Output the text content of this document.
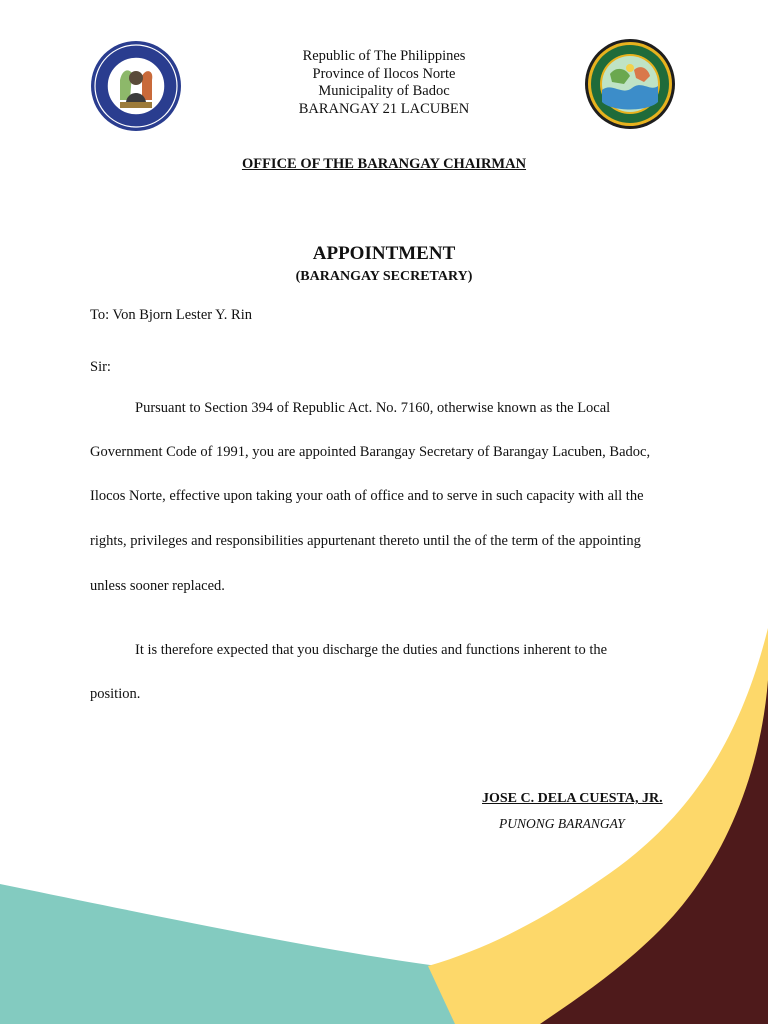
Republic of The Philippines
Province of Ilocos Norte
Municipality of Badoc
BARANGAY 21 LACUBEN
OFFICE OF THE BARANGAY CHAIRMAN
APPOINTMENT
(BARANGAY SECRETARY)
To: Von Bjorn Lester Y. Rin
Sir:
Pursuant to Section 394 of Republic Act. No. 7160, otherwise known as the Local
Government Code of 1991, you are appointed Barangay Secretary of Barangay Lacuben, Badoc,
Ilocos Norte, effective upon taking your oath of office and to serve in such capacity with all the
rights, privileges and responsibilities appurtenant thereto until the of the term of the appointing
unless sooner replaced.
It is therefore expected that you discharge the duties and functions inherent to the
position.
JOSE C. DELA CUESTA, JR.
PUNONG BARANGAY
